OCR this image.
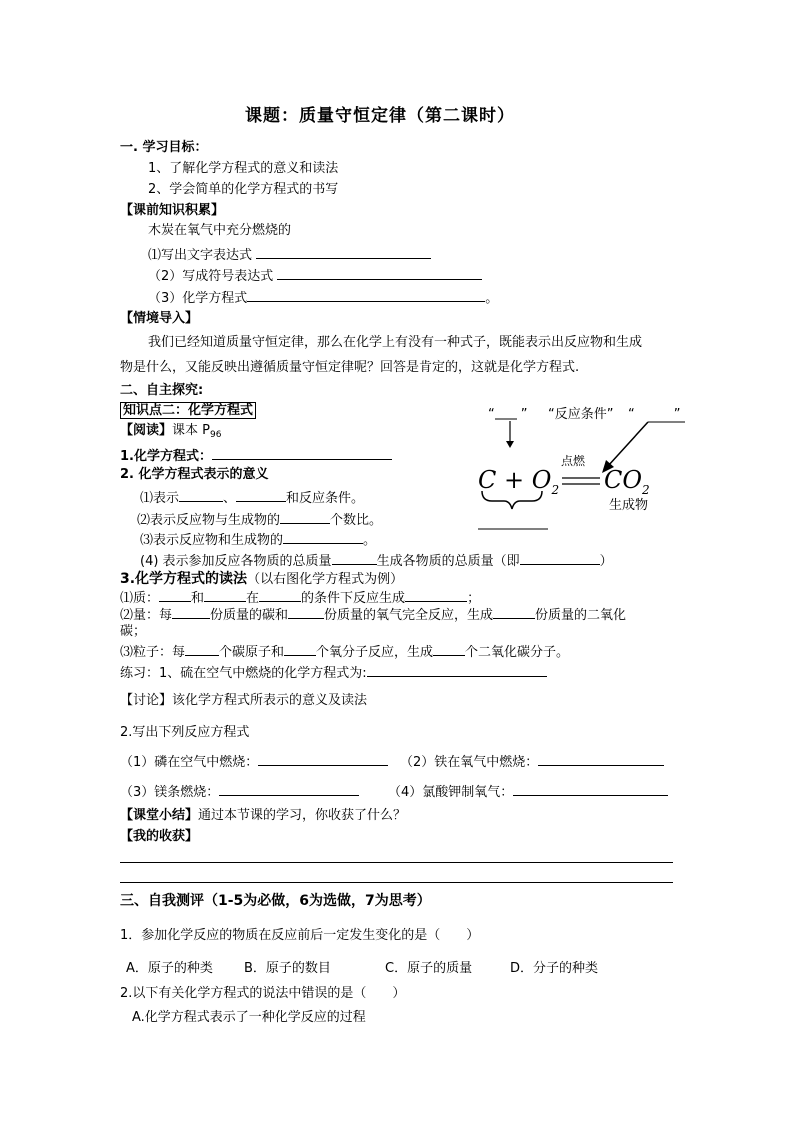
课题：质量守恒定律（第二课时）
一. 学习目标：
1、了解化学方程式的意义和读法
2、学会简单的化学方程式的书写
【课前知识积累】
木炭在氧气中充分燃烧的
⑴写出文字表达式
（2）写成符号表达式
（3）化学方程式	。
【情境导入】
我们已经知道质量守恒定律，那么在化学上有没有一种式子，既能表示出反应物和生成
物是什么，又能反映出遵循质量守恒定律呢？回答是肯定的，这就是化学方程式.
二、自主探究:
知识点二：化学方程式
【阅读】课本 $P_{96}$
1.化学方程式：
2. 化学方程式表示的意义
⑴表示	、	和反应条件。
⑵表示反应物与生成物的	个数比。
⑶表示反应物和生成物的	。
(4) 表示参加反应各物质的总质量	生成各物质的总质量（即	）
3.化学方程式的读法（以右图化学方程式为例）
⑴质： 和	在	的条件下反应生成	；
⑵量：每	份质量的碳和	份质量的氧气完全反应，生成	份质量的二氧化
碳；
⑶粒子：每	个碳原子和 个氧分子反应，生成 个二氧化碳分子。
练习：1、硫在空气中燃烧的化学方程式为:
【讨论】该化学方程式所表示的意义及读法
2.写出下列反应方程式
（1）磷在空气中燃烧：	（2）铁在氧气中燃烧：
（3）镁条燃烧：	（4）氯酸钾制氧气：
【课堂小结】通过本节课的学习，你收获了什么？
【我的收获】
三、自我测评（1-5为必做，6为选做，7为思考）
1．参加化学反应的物质在反应前后一定发生变化的是（　　）
A．原子的种类 B．原子的数目	C．原子的质量	D．分子的种类
2.以下有关化学方程式的说法中错误的是（　　）
A.化学方程式表示了一种化学反应的过程
“　　” “反应条件” “　　　”
点燃
$C + O_2$ $CO_2$
生成物
